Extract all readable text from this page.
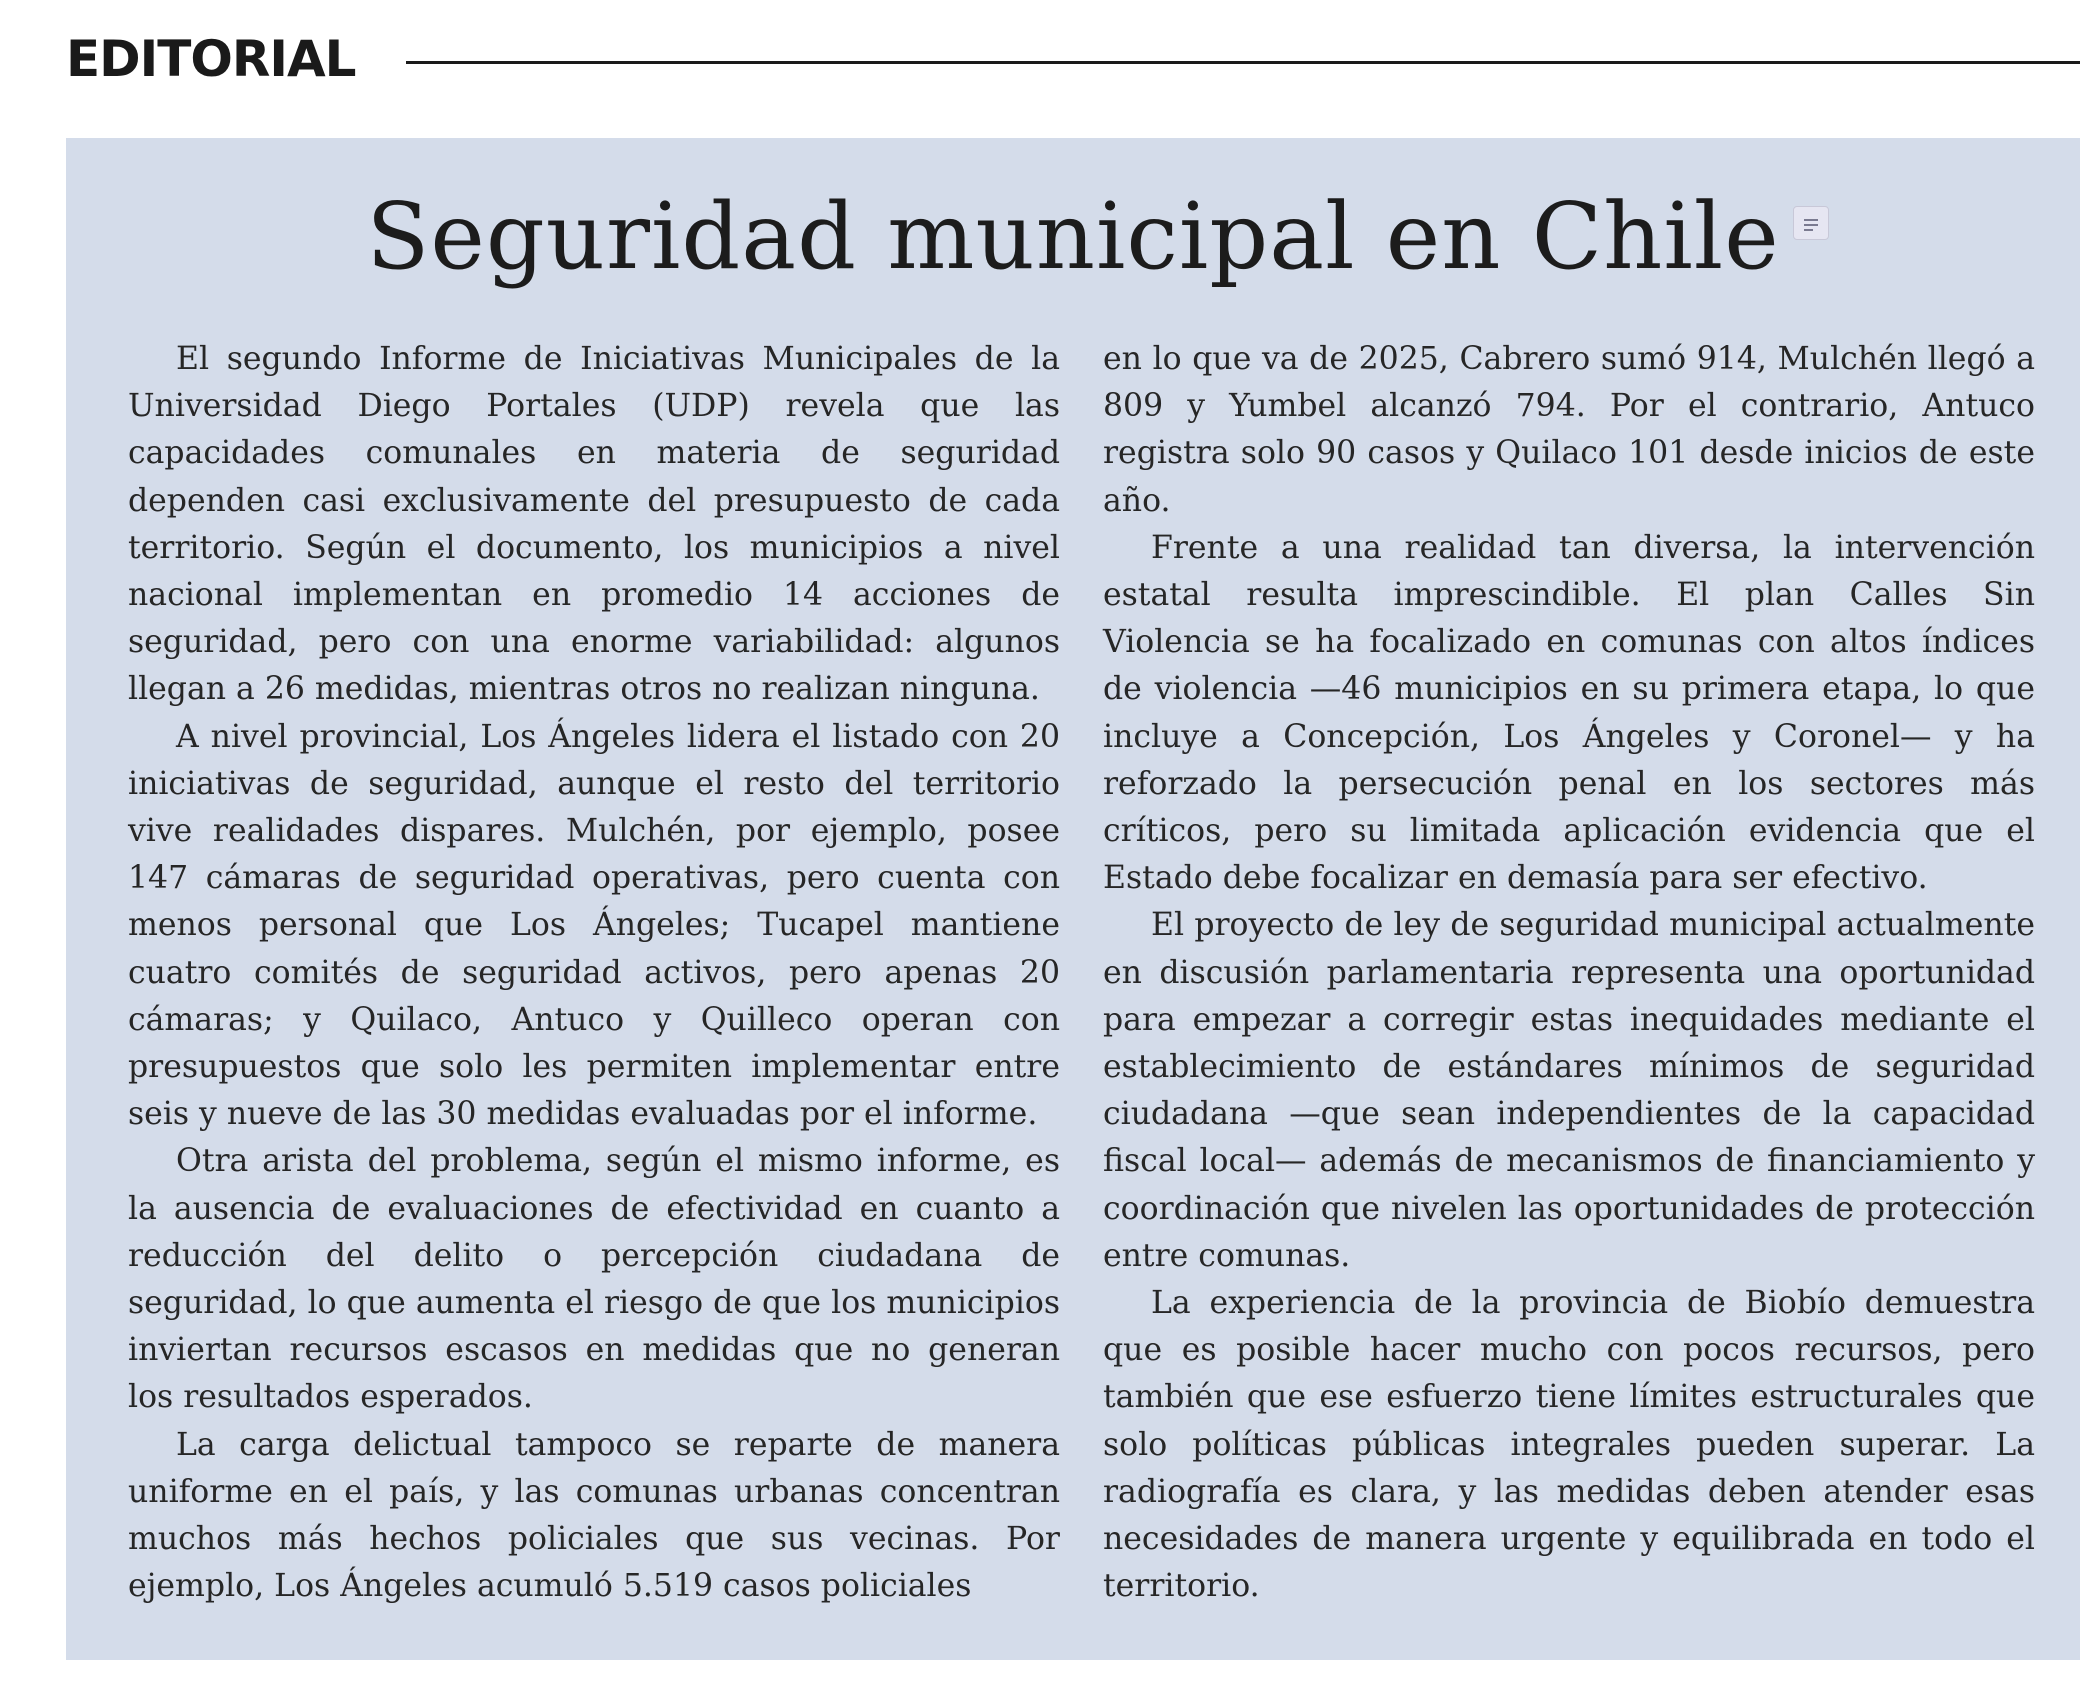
EDITORIAL
Seguridad municipal en Chile

El segundo Informe de Iniciativas Municipales de la Universidad Diego Portales (UDP) revela que las capacidades comunales en materia de seguridad dependen casi exclusivamente del presupuesto de cada territorio. Según el documento, los municipios a nivel nacional implementan en promedio 14 acciones de seguridad, pero con una enorme variabilidad: algunos llegan a 26 medidas, mientras otros no realizan ninguna.

A nivel provincial, Los Ángeles lidera el listado con 20 iniciativas de seguridad, aunque el resto del territorio vive realidades dispares. Mulchén, por ejemplo, posee 147 cámaras de seguridad operativas, pero cuenta con menos personal que Los Ángeles; Tucapel mantiene cuatro comités de seguridad activos, pero apenas 20 cámaras; y Quilaco, Antuco y Quilleco operan con presupuestos que solo les permiten implementar entre seis y nueve de las 30 medidas evaluadas por el informe.

Otra arista del problema, según el mismo informe, es la ausencia de evaluaciones de efectividad en cuanto a reducción del delito o percepción ciudadana de seguridad, lo que aumenta el riesgo de que los municipios inviertan recursos escasos en medidas que no generan los resultados esperados.

La carga delictual tampoco se reparte de manera uniforme en el país, y las comunas urbanas concentran muchos más hechos policiales que sus vecinas. Por ejemplo, Los Ángeles acumuló 5.519 casos policiales

en lo que va de 2025, Cabrero sumó 914, Mulchén llegó a 809 y Yumbel alcanzó 794. Por el contrario, Antuco registra solo 90 casos y Quilaco 101 desde inicios de este año.

Frente a una realidad tan diversa, la intervención estatal resulta imprescindible. El plan Calles Sin Violencia se ha focalizado en comunas con altos índices de violencia —46 municipios en su primera etapa, lo que incluye a Concepción, Los Ángeles y Coronel— y ha reforzado la persecución penal en los sectores más críticos, pero su limitada aplicación evidencia que el Estado debe focalizar en demasía para ser efectivo.

El proyecto de ley de seguridad municipal actualmente en discusión parlamentaria representa una oportunidad para empezar a corregir estas inequidades mediante el establecimiento de estándares mínimos de seguridad ciudadana —que sean independientes de la capacidad fiscal local— además de mecanismos de financiamiento y coordinación que nivelen las oportunidades de protección entre comunas.

La experiencia de la provincia de Biobío demuestra que es posible hacer mucho con pocos recursos, pero también que ese esfuerzo tiene límites estructurales que solo políticas públicas integrales pueden superar. La radiografía es clara, y las medidas deben atender esas necesidades de manera urgente y equilibrada en todo el territorio.
